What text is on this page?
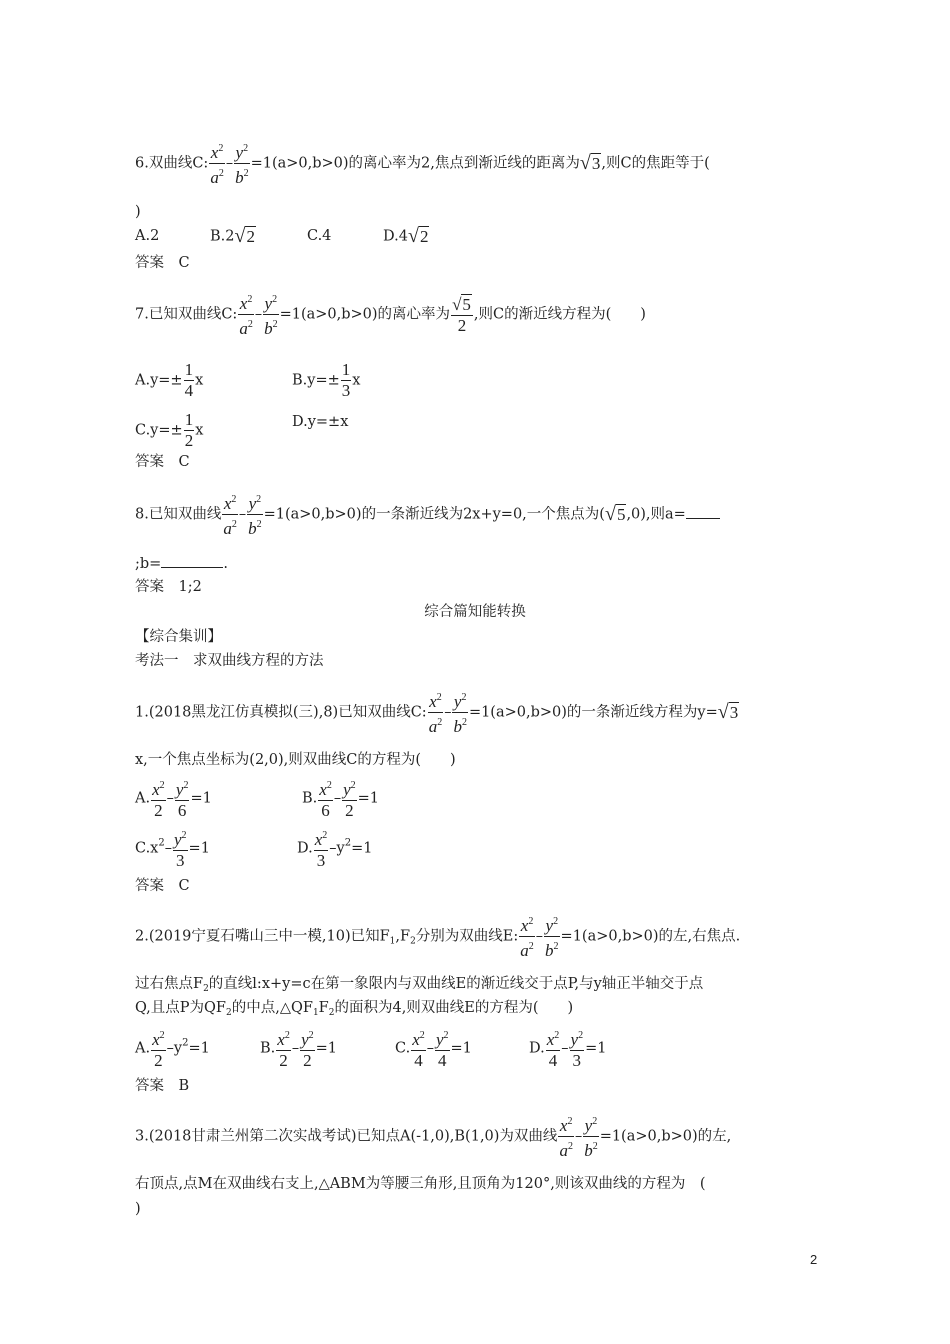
6.双曲线C: $\frac{x^2}{a^2} - \frac{y^2}{b^2} =1(a>0,b>0)$的离心率为2,焦点到渐近线的距离为√3,则C的焦距等于(
)
A.2	B.2√2	C.4	D.4√2
答案　C
7.已知双曲线C: $\frac{x^2}{a^2} - \frac{y^2}{b^2} =1(a>0,b>0)$的离心率为 $\frac{√5}{2}$ ,则C的渐近线方程为(　　)
$A.y=\pm \frac{1}{4}$ x	$B.y=\pm \frac{1}{3}$ x
$C.y=\pm \frac{1}{2}$ x
D.y=±x
答案　C
8.已知双曲线 $\frac{x^2}{a^2} - \frac{y^2}{b^2} =1(a>0,b>0)$的一条渐近线为2x+y=0,一个焦点为(√5,0),则a=
;b=	.
答案　1;2
综合篇知能转换
【综合集训】
考法一　求双曲线方程的方法
1.(2018黑龙江仿真模拟(三),8)已知双曲线C: $\frac{x^2}{a^2} - \frac{y^2}{b^2} =1(a>0,b>0)$的一条渐近线方程为y=√3
x,一个焦点坐标为(2,0),则双曲线C的方程为(　　)
A. $\frac{x^2}{2} - \frac{y^2}{6} =1$	B. $\frac{x^2}{6} - \frac{y^2}{2} =1$
$C.x^2- \frac{y^2}{3} =1$	D. $\frac{x^2}{3} -y^2=1$
答案　C
2.(2019宁夏石嘴山三中一模,10)已知$F_1,F_2$分别为双曲线E: $\frac{x^2}{a^2} - \frac{y^2}{b^2} =1(a>0,b>0)$的左,右焦点.
过右焦点$F_2$的直线l:x+y=c在第一象限内与双曲线E的渐近线交于点P,与y轴正半轴交于点
Q,且点P为$QF_2$的中点$,\triangle QF_1F_2$的面积为4,则双曲线E的方程为(　　)
A. $\frac{x^2}{2} -y^2=1$	B. $\frac{x^2}{2} - \frac{y^2}{2} =1$	C. $\frac{x^2}{4} - \frac{y^2}{4} =1$	D. $\frac{x^2}{4} - \frac{y^2}{3} =1$
答案　B
3.(2018甘肃兰州第二次实战考试)已知点A(-1,0),B(1,0)为双曲线 $\frac{x^2}{a^2} - \frac{y^2}{b^2} =1(a>0,b>0)$的左,
右顶点,点M在双曲线右支上,△ABM为等腰三角形,且顶角为120°,则该双曲线的方程为　(
)
2
